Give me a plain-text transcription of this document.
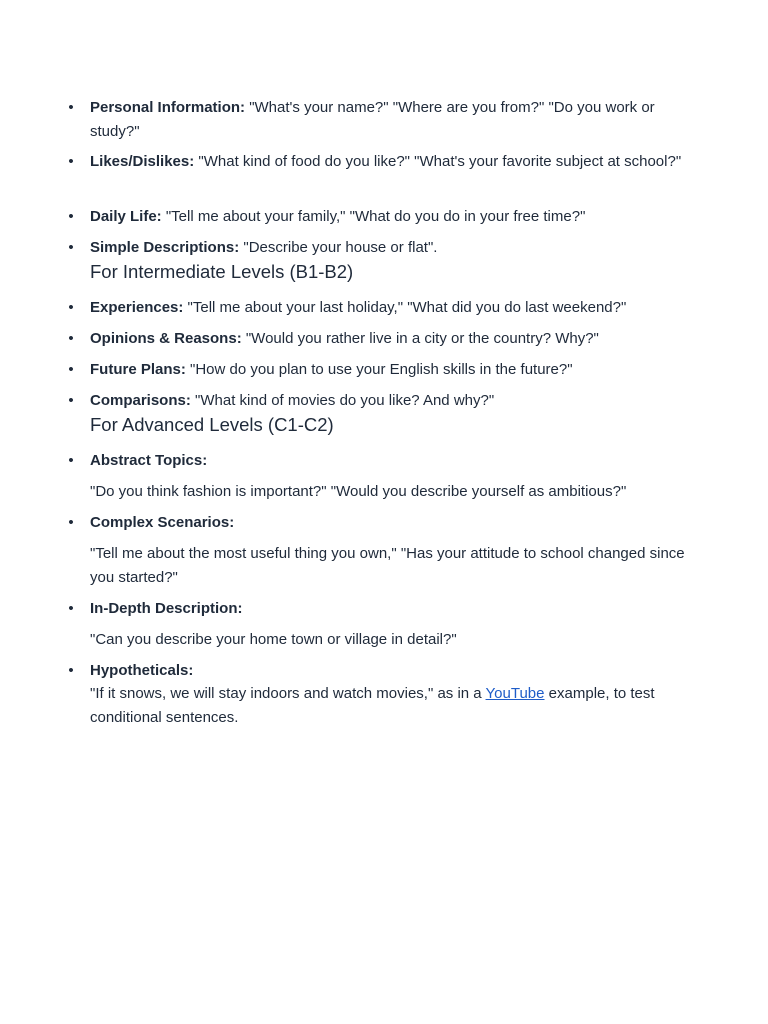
•
Personal Information: "What's your name?" "Where are you from?" "Do you work or study?"
•
Likes/Dislikes: "What kind of food do you like?" "What's your favorite subject at school?"
•
Daily Life: "Tell me about your family," "What do you do in your free time?"
•
Simple Descriptions: "Describe your house or flat".
For Intermediate Levels (B1-B2)
•
Experiences: "Tell me about your last holiday," "What did you do last weekend?"
•
Opinions & Reasons: "Would you rather live in a city or the country? Why?"
•
Future Plans: "How do you plan to use your English skills in the future?"
•
Comparisons: "What kind of movies do you like? And why?"
For Advanced Levels (C1-C2)
•
Abstract Topics:

"Do you think fashion is important?" "Would you describe yourself as ambitious?"

•
Complex Scenarios:

"Tell me about the most useful thing you own," "Has your attitude to school changed since you started?"

•
In-Depth Description:

"Can you describe your home town or village in detail?"

•
Hypotheticals:

"If it snows, we will stay indoors and watch movies," as in a YouTube example, to test conditional sentences.
